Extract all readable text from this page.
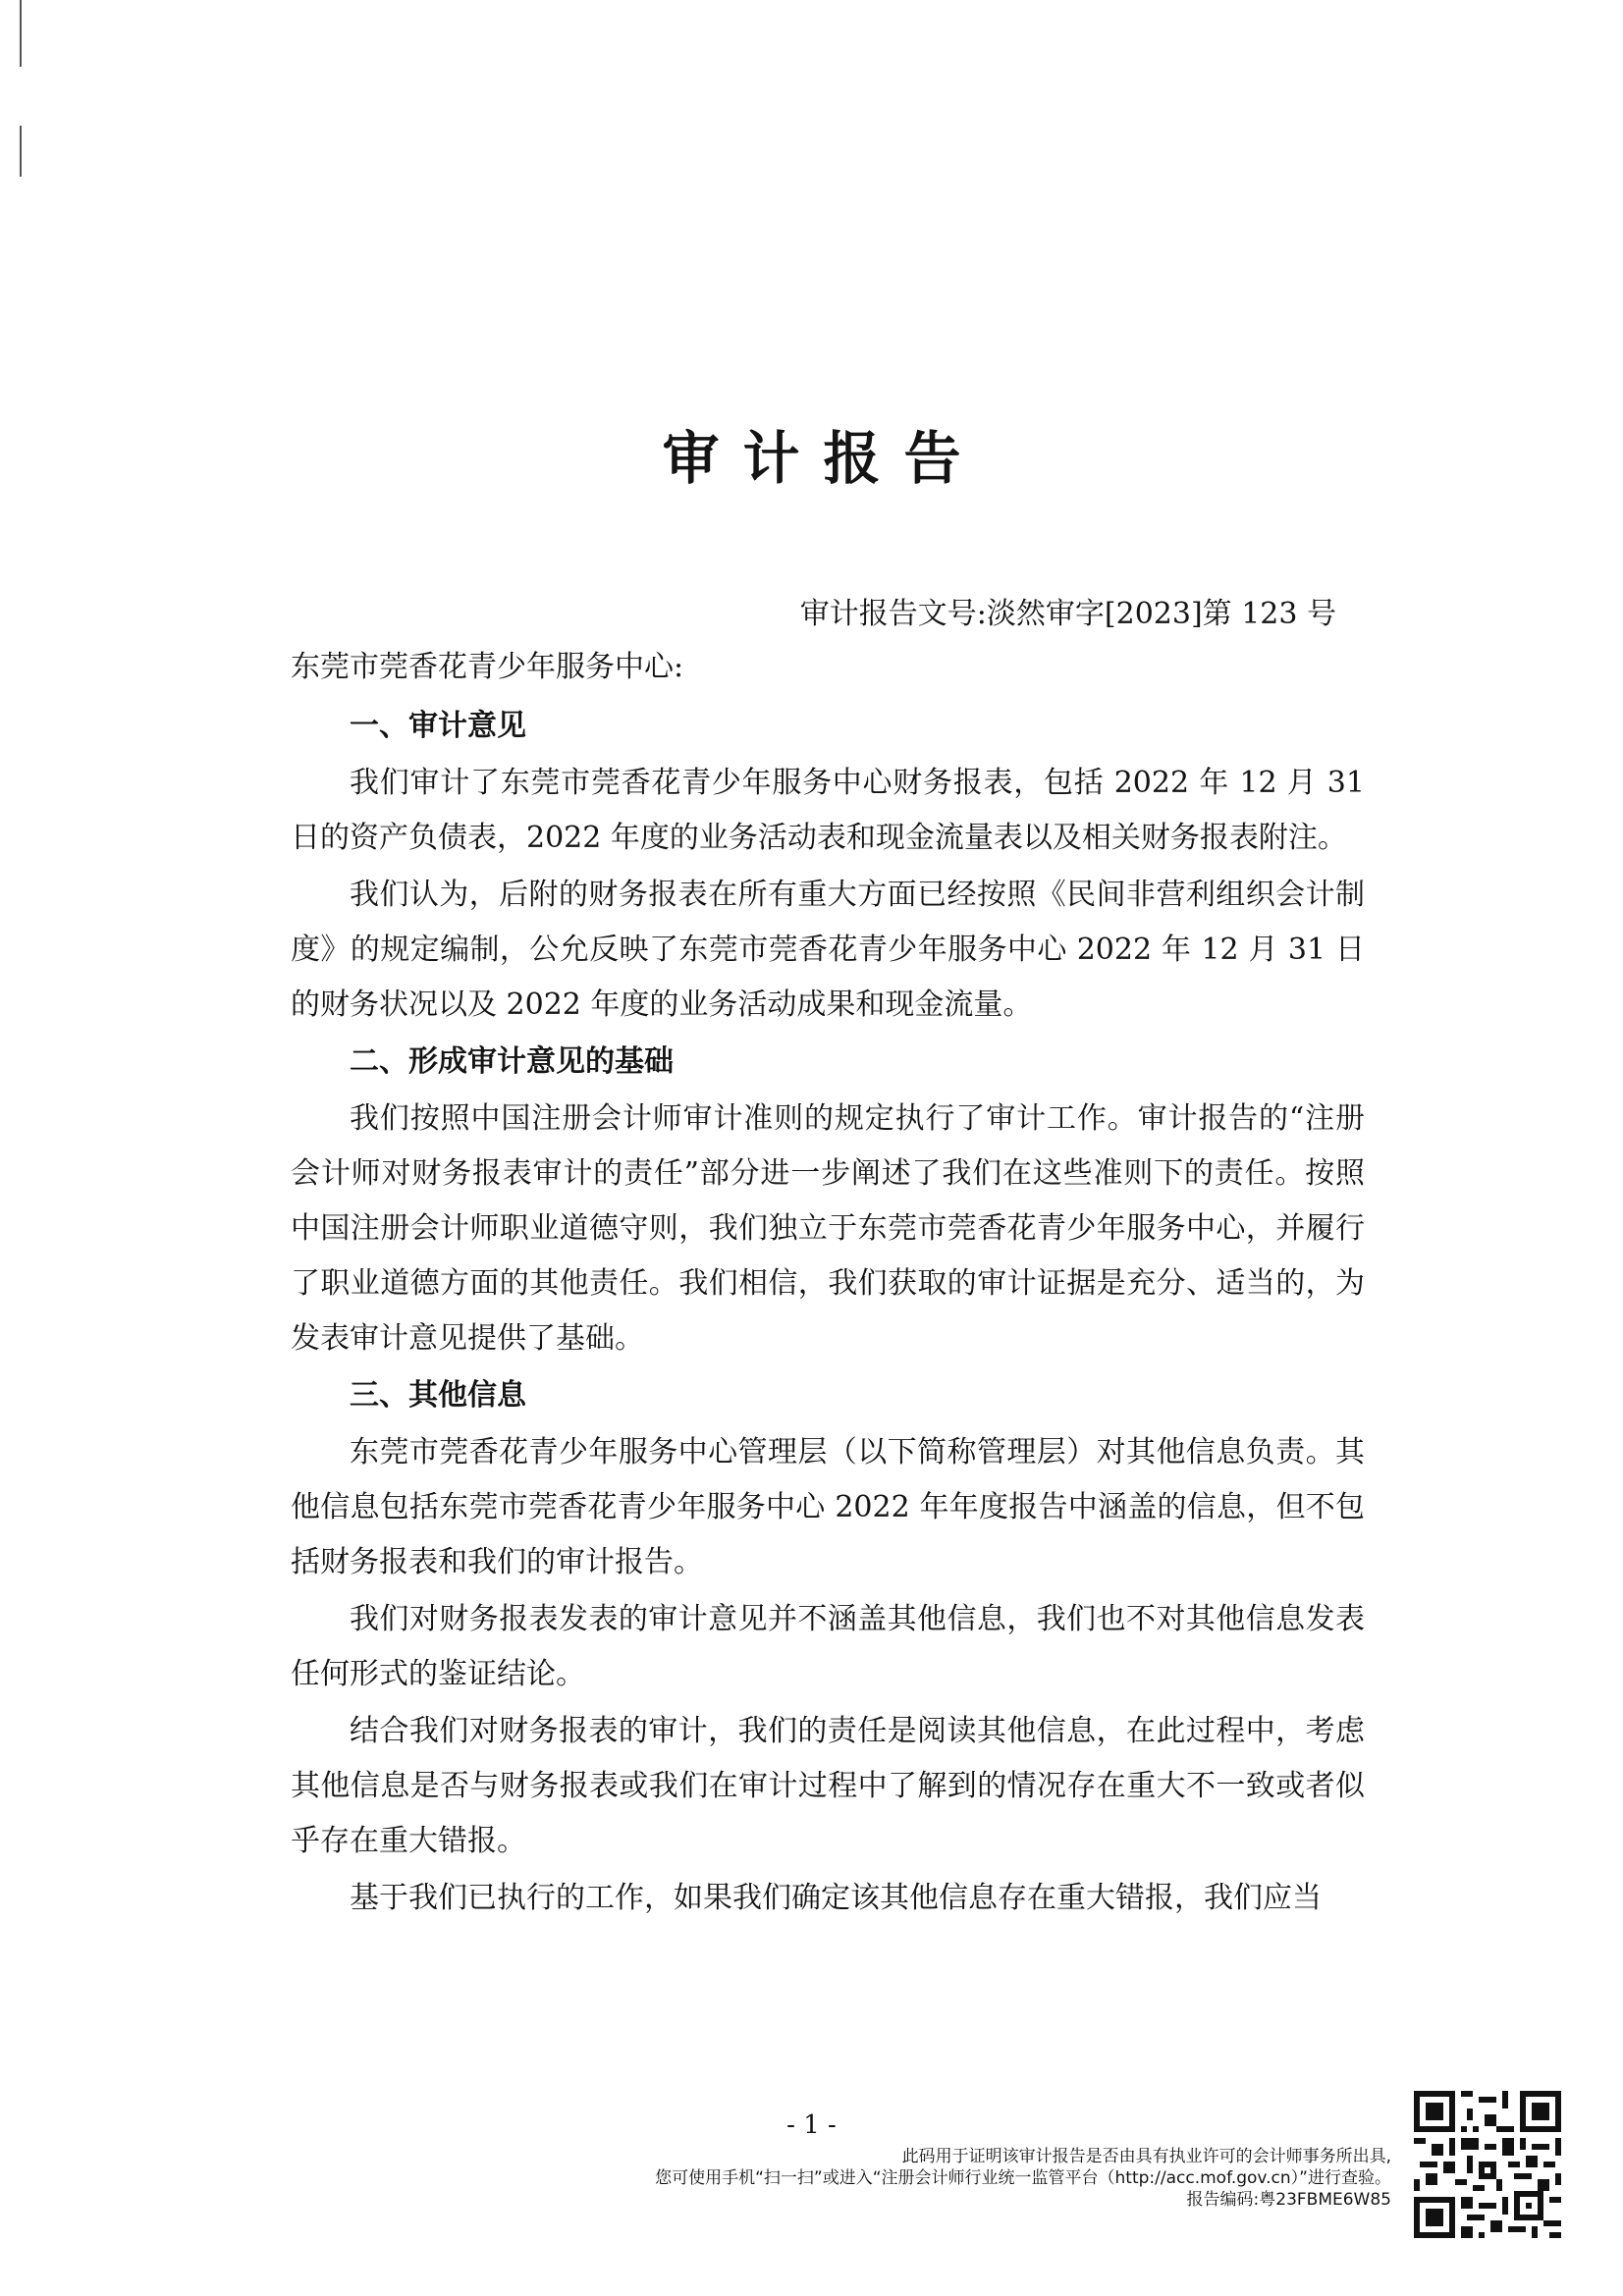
审计报告
审计报告文号:淡然审字[2023]第 123 号
东莞市莞香花青少年服务中心:
一、审计意见

我们审计了东莞市莞香花青少年服务中心财务报表，包括 2022 年 12 月 31 日的资产负债表，2022 年度的业务活动表和现金流量表以及相关财务报表附注。

我们认为，后附的财务报表在所有重大方面已经按照《民间非营利组织会计制度》的规定编制，公允反映了东莞市莞香花青少年服务中心 2022 年 12 月 31 日的财务状况以及 2022 年度的业务活动成果和现金流量。

二、形成审计意见的基础

我们按照中国注册会计师审计准则的规定执行了审计工作。审计报告的“注册会计师对财务报表审计的责任”部分进一步阐述了我们在这些准则下的责任。按照中国注册会计师职业道德守则，我们独立于东莞市莞香花青少年服务中心，并履行了职业道德方面的其他责任。我们相信，我们获取的审计证据是充分、适当的，为发表审计意见提供了基础。

三、其他信息

东莞市莞香花青少年服务中心管理层（以下简称管理层）对其他信息负责。其他信息包括东莞市莞香花青少年服务中心 2022 年年度报告中涵盖的信息，但不包括财务报表和我们的审计报告。

我们对财务报表发表的审计意见并不涵盖其他信息，我们也不对其他信息发表任何形式的鉴证结论。

结合我们对财务报表的审计，我们的责任是阅读其他信息，在此过程中，考虑其他信息是否与财务报表或我们在审计过程中了解到的情况存在重大不一致或者似乎存在重大错报。

基于我们已执行的工作，如果我们确定该其他信息存在重大错报，我们应当

- 1 -
此码用于证明该审计报告是否由具有执业许可的会计师事务所出具,
您可使用手机“扫一扫”或进入“注册会计师行业统一监管平台（http://acc.mof.gov.cn）”进行查验。
报告编码:粤23FBME6W85
